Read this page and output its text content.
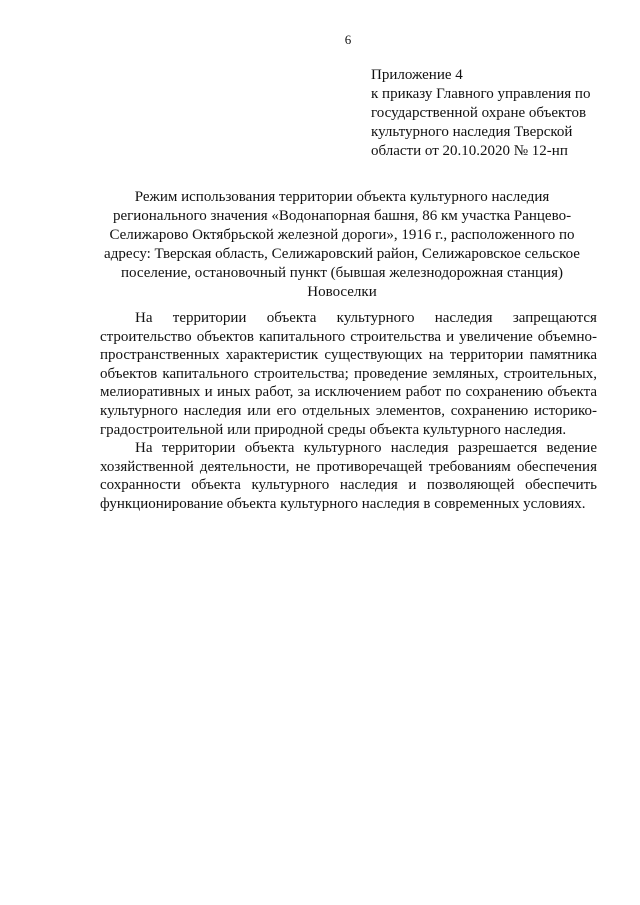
6
Приложение 4
к приказу Главного управления по
государственной охране объектов
культурного наследия Тверской
области от 20.10.2020 № 12-нп
Режим использования территории объекта культурного наследия
регионального значения «Водонапорная башня, 86 км участка Ранцево-
Селижарово Октябрьской железной дороги», 1916 г., расположенного по
адресу: Тверская область, Селижаровский район, Селижаровское сельское
поселение, остановочный пункт (бывшая железнодорожная станция)
Новоселки
На территории объекта культурного наследия запрещаются
строительство объектов капитального строительства и увеличение объемно-
пространственных характеристик существующих на территории памятника
объектов капитального строительства; проведение земляных, строительных,
мелиоративных и иных работ, за исключением работ по сохранению объекта
культурного наследия или его отдельных элементов, сохранению историко-
градостроительной или природной среды объекта культурного наследия.
На территории объекта культурного наследия разрешается ведение
хозяйственной деятельности, не противоречащей требованиям обеспечения
сохранности объекта культурного наследия и позволяющей обеспечить
функционирование объекта культурного наследия в современных условиях.
